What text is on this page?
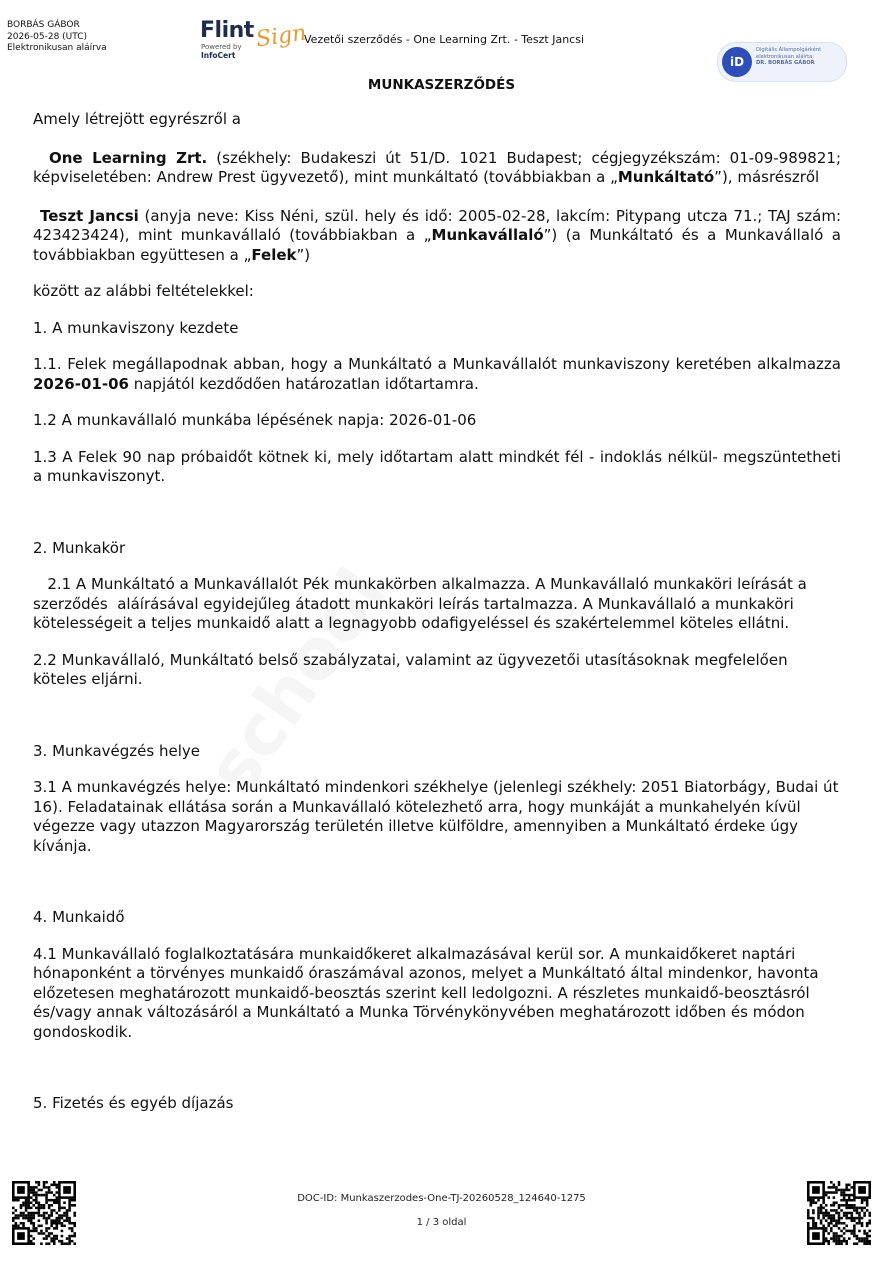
BORBÁS GÁBOR
2026-05-28 (UTC)
Elektronikusan aláírva
Flint Sign
Powered by
InfoCert
Vezetői szerződés - One Learning Zrt. - Teszt Jancsi
iD
Digitális Állampolgárként
elektronikusan aláírta:
DR. BORBÁS GÁBOR
MUNKASZERZŐDÉS

Amely létrejött egyrészről a

One Learning Zrt. (székhely: Budakeszi út 51/D. 1021 Budapest; cégjegyzékszám: 01-09-989821; képviseletében: Andrew Prest ügyvezető), mint munkáltató (továbbiakban a „Munkáltató”), másrészről

Teszt Jancsi (anyja neve: Kiss Néni, szül. hely és idő: 2005-02-28, lakcím: Pitypang utcza 71.; TAJ szám: 423423424), mint munkavállaló (továbbiakban a „Munkavállaló”) (a Munkáltató és a Munkavállaló a továbbiakban együttesen a „Felek”)

között az alábbi feltételekkel:

1. A munkaviszony kezdete

1.1. Felek megállapodnak abban, hogy a Munkáltató a Munkavállalót munkaviszony keretében alkalmazza 2026-01-06 napjától kezdődően határozatlan időtartamra.

1.2 A munkavállaló munkába lépésének napja: 2026-01-06

1.3 A Felek 90 nap próbaidőt kötnek ki, mely időtartam alatt mindkét fél - indoklás nélkül- megszüntetheti a munkaviszonyt.

2. Munkakör

2.1 A Munkáltató a Munkavállalót Pék munkakörben alkalmazza. A Munkavállaló munkaköri leírását a szerződés  aláírásával egyidejűleg átadott munkaköri leírás tartalmazza. A Munkavállaló a munkaköri kötelességeit a teljes munkaidő alatt a legnagyobb odafigyeléssel és szakértelemmel köteles ellátni.

2.2 Munkavállaló, Munkáltató belső szabályzatai, valamint az ügyvezetői utasításoknak megfelelően köteles eljárni.

3. Munkavégzés helye

3.1 A munkavégzés helye: Munkáltató mindenkori székhelye (jelenlegi székhely: 2051 Biatorbágy, Budai út 16). Feladatainak ellátása során a Munkavállaló kötelezhető arra, hogy munkáját a munkahelyén kívül végezze vagy utazzon Magyarország területén illetve külföldre, amennyiben a Munkáltató érdeke úgy kívánja.

4. Munkaidő

4.1 Munkavállaló foglalkoztatására munkaidőkeret alkalmazásával kerül sor. A munkaidőkeret naptári hónaponként a törvényes munkaidő óraszámával azonos, melyet a Munkáltató által mindenkor, havonta előzetesen meghatározott munkaidő-beosztás szerint kell ledolgozni. A részletes munkaidő-beosztásról és/vagy annak változásáról a Munkáltató a Munka Törvénykönyvében meghatározott időben és módon gondoskodik.

5. Fizetés és egyéb díjazás

DOC-ID: Munkaszerzodes-One-TJ-20260528_124640-1275
1 / 3 oldal
